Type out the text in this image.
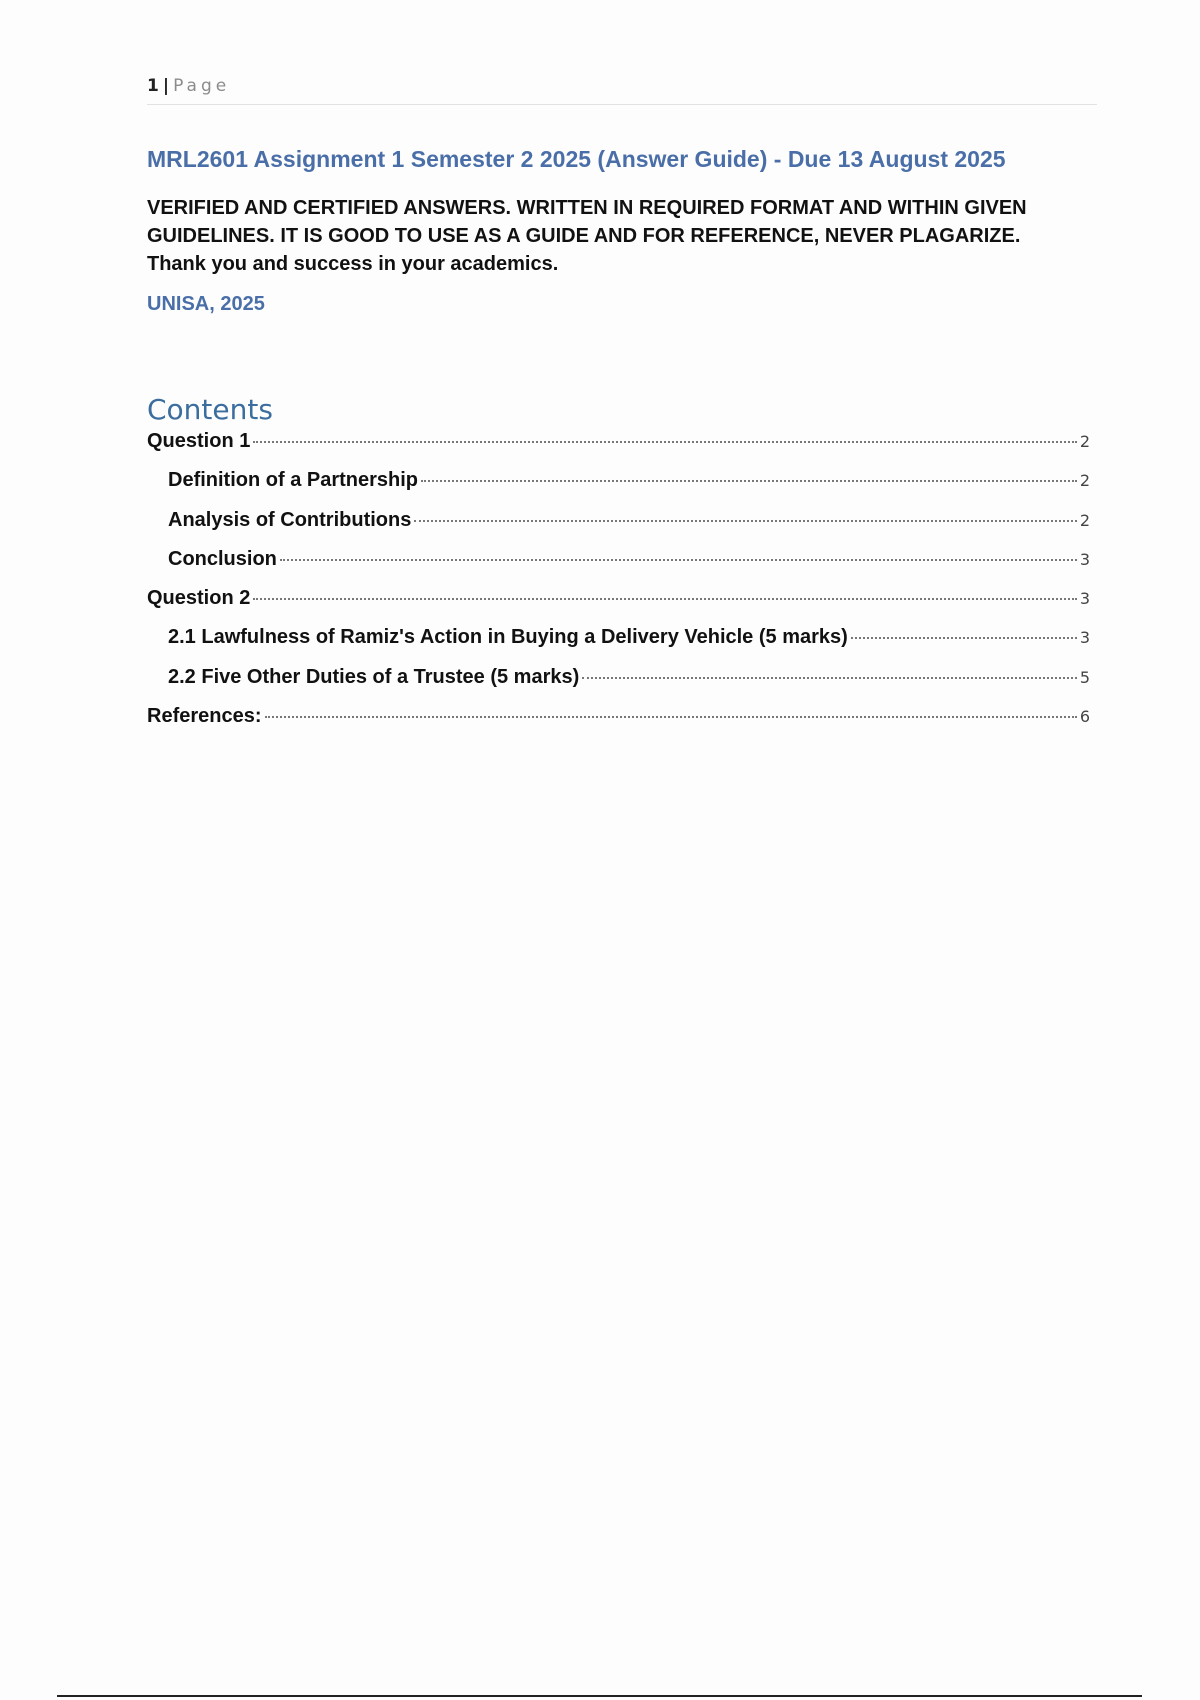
1 | Page
MRL2601 Assignment 1 Semester 2 2025 (Answer Guide) - Due 13 August 2025
VERIFIED AND CERTIFIED ANSWERS. WRITTEN IN REQUIRED FORMAT AND WITHIN GIVEN GUIDELINES. IT IS GOOD TO USE AS A GUIDE AND FOR REFERENCE, NEVER PLAGARIZE. Thank you and success in your academics.
UNISA, 2025
Contents
Question 1	2
Definition of a Partnership	2
Analysis of Contributions	2
Conclusion	3
Question 2	3
2.1 Lawfulness of Ramiz's Action in Buying a Delivery Vehicle (5 marks)	3
2.2 Five Other Duties of a Trustee (5 marks)	5
References:	6
